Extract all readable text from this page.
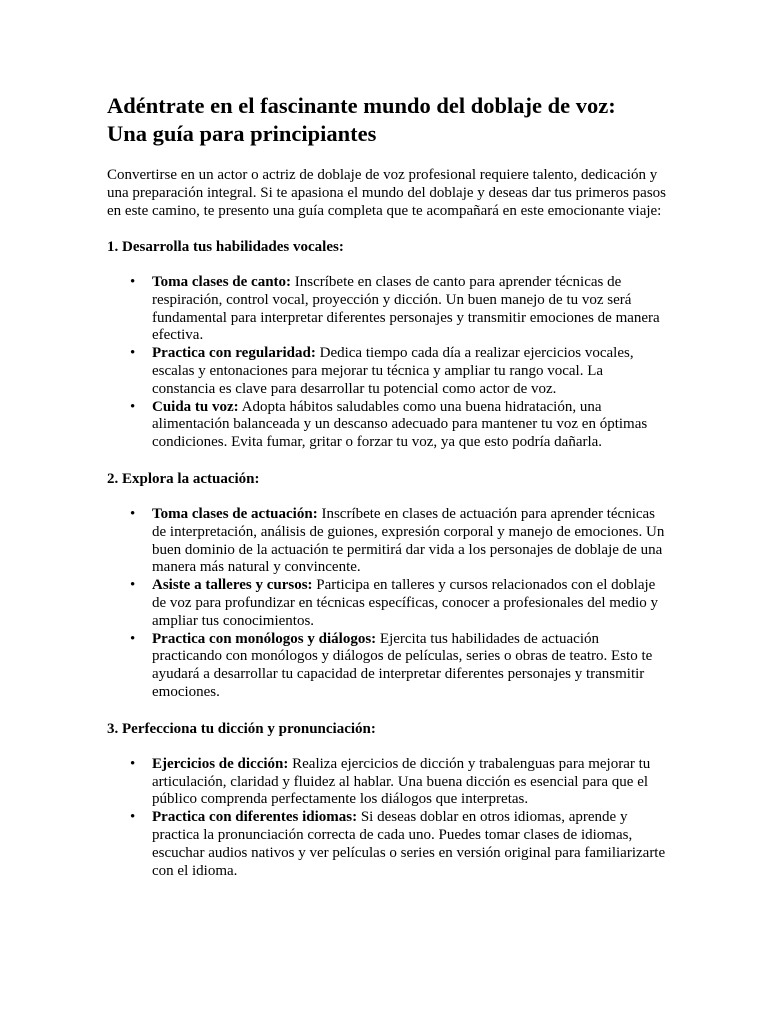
Adéntrate en el fascinante mundo del doblaje de voz:
Una guía para principiantes

Convertirse en un actor o actriz de doblaje de voz profesional requiere talento, dedicación y una preparación integral. Si te apasiona el mundo del doblaje y deseas dar tus primeros pasos en este camino, te presento una guía completa que te acompañará en este emocionante viaje:

1. Desarrolla tus habilidades vocales:
• Toma clases de canto: Inscríbete en clases de canto para aprender técnicas de respiración, control vocal, proyección y dicción. Un buen manejo de tu voz será fundamental para interpretar diferentes personajes y transmitir emociones de manera efectiva.
• Practica con regularidad: Dedica tiempo cada día a realizar ejercicios vocales, escalas y entonaciones para mejorar tu técnica y ampliar tu rango vocal. La constancia es clave para desarrollar tu potencial como actor de voz.
• Cuida tu voz: Adopta hábitos saludables como una buena hidratación, una alimentación balanceada y un descanso adecuado para mantener tu voz en óptimas condiciones. Evita fumar, gritar o forzar tu voz, ya que esto podría dañarla.
2. Explora la actuación:
• Toma clases de actuación: Inscríbete en clases de actuación para aprender técnicas de interpretación, análisis de guiones, expresión corporal y manejo de emociones. Un buen dominio de la actuación te permitirá dar vida a los personajes de doblaje de una manera más natural y convincente.
• Asiste a talleres y cursos: Participa en talleres y cursos relacionados con el doblaje de voz para profundizar en técnicas específicas, conocer a profesionales del medio y ampliar tus conocimientos.
• Practica con monólogos y diálogos: Ejercita tus habilidades de actuación practicando con monólogos y diálogos de películas, series o obras de teatro. Esto te ayudará a desarrollar tu capacidad de interpretar diferentes personajes y transmitir emociones.
3. Perfecciona tu dicción y pronunciación:
• Ejercicios de dicción: Realiza ejercicios de dicción y trabalenguas para mejorar tu articulación, claridad y fluidez al hablar. Una buena dicción es esencial para que el público comprenda perfectamente los diálogos que interpretas.
• Practica con diferentes idiomas: Si deseas doblar en otros idiomas, aprende y practica la pronunciación correcta de cada uno. Puedes tomar clases de idiomas, escuchar audios nativos y ver películas o series en versión original para familiarizarte con el idioma.
